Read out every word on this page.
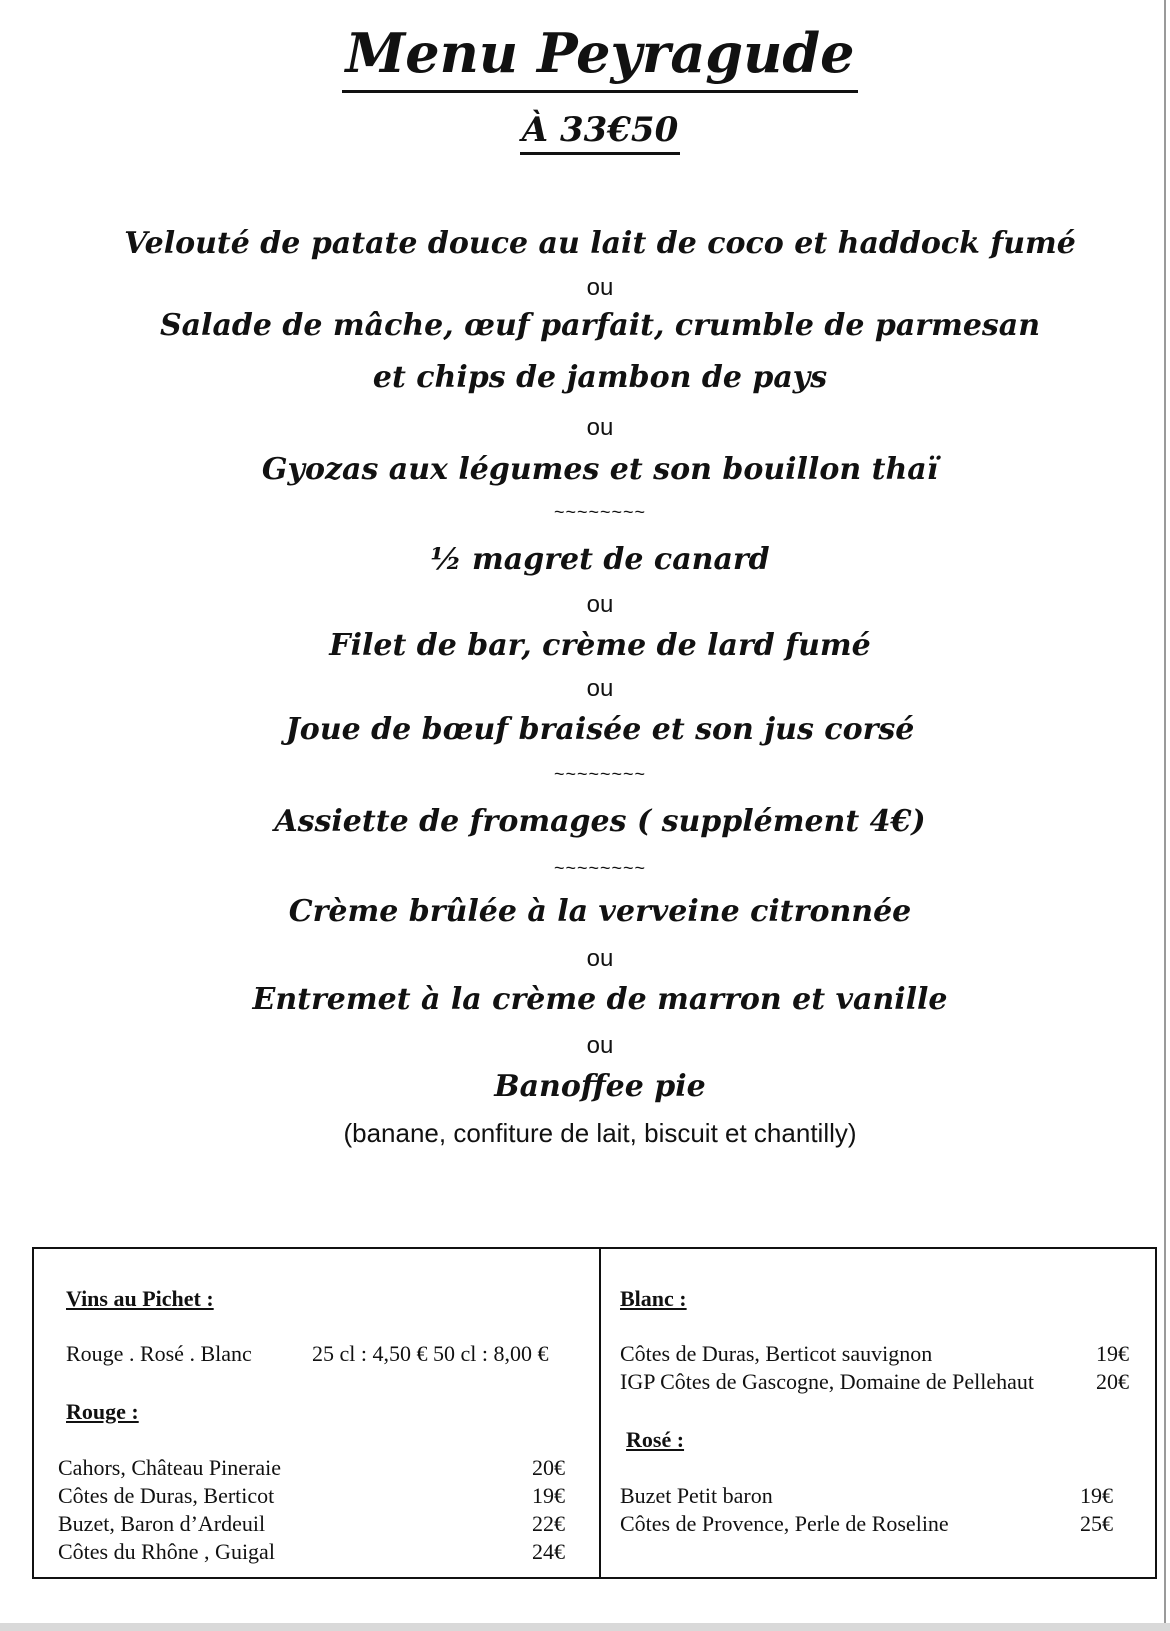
Menu Peyragude
À 33€50
Velouté de patate douce au lait de coco et haddock fumé
ou
Salade de mâche, œuf parfait, crumble de parmesan
et chips de jambon de pays
ou
Gyozas aux légumes et son bouillon thaï
~~~~~~~~
½ magret de canard
ou
Filet de bar, crème de lard fumé
ou
Joue de bœuf braisée et son jus corsé
~~~~~~~~
Assiette de fromages ( supplément 4€)
~~~~~~~~
Crème brûlée à la verveine citronnée
ou
Entremet à la crème de marron et vanille
ou
Banoffee pie
(banane, confiture de lait, biscuit et chantilly)
Vins au Pichet :
Rouge . Rosé . Blanc	25 cl : 4,50 € 50 cl : 8,00 €
Rouge :
Cahors, Château Pineraie	20€
Côtes de Duras, Berticot	19€
Buzet, Baron d’Ardeuil	22€
Côtes du Rhône , Guigal	24€
Blanc :
Côtes de Duras, Berticot sauvignon	19€
IGP Côtes de Gascogne, Domaine de Pellehaut	20€
Rosé :
Buzet Petit baron	19€
Côtes de Provence, Perle de Roseline	25€
